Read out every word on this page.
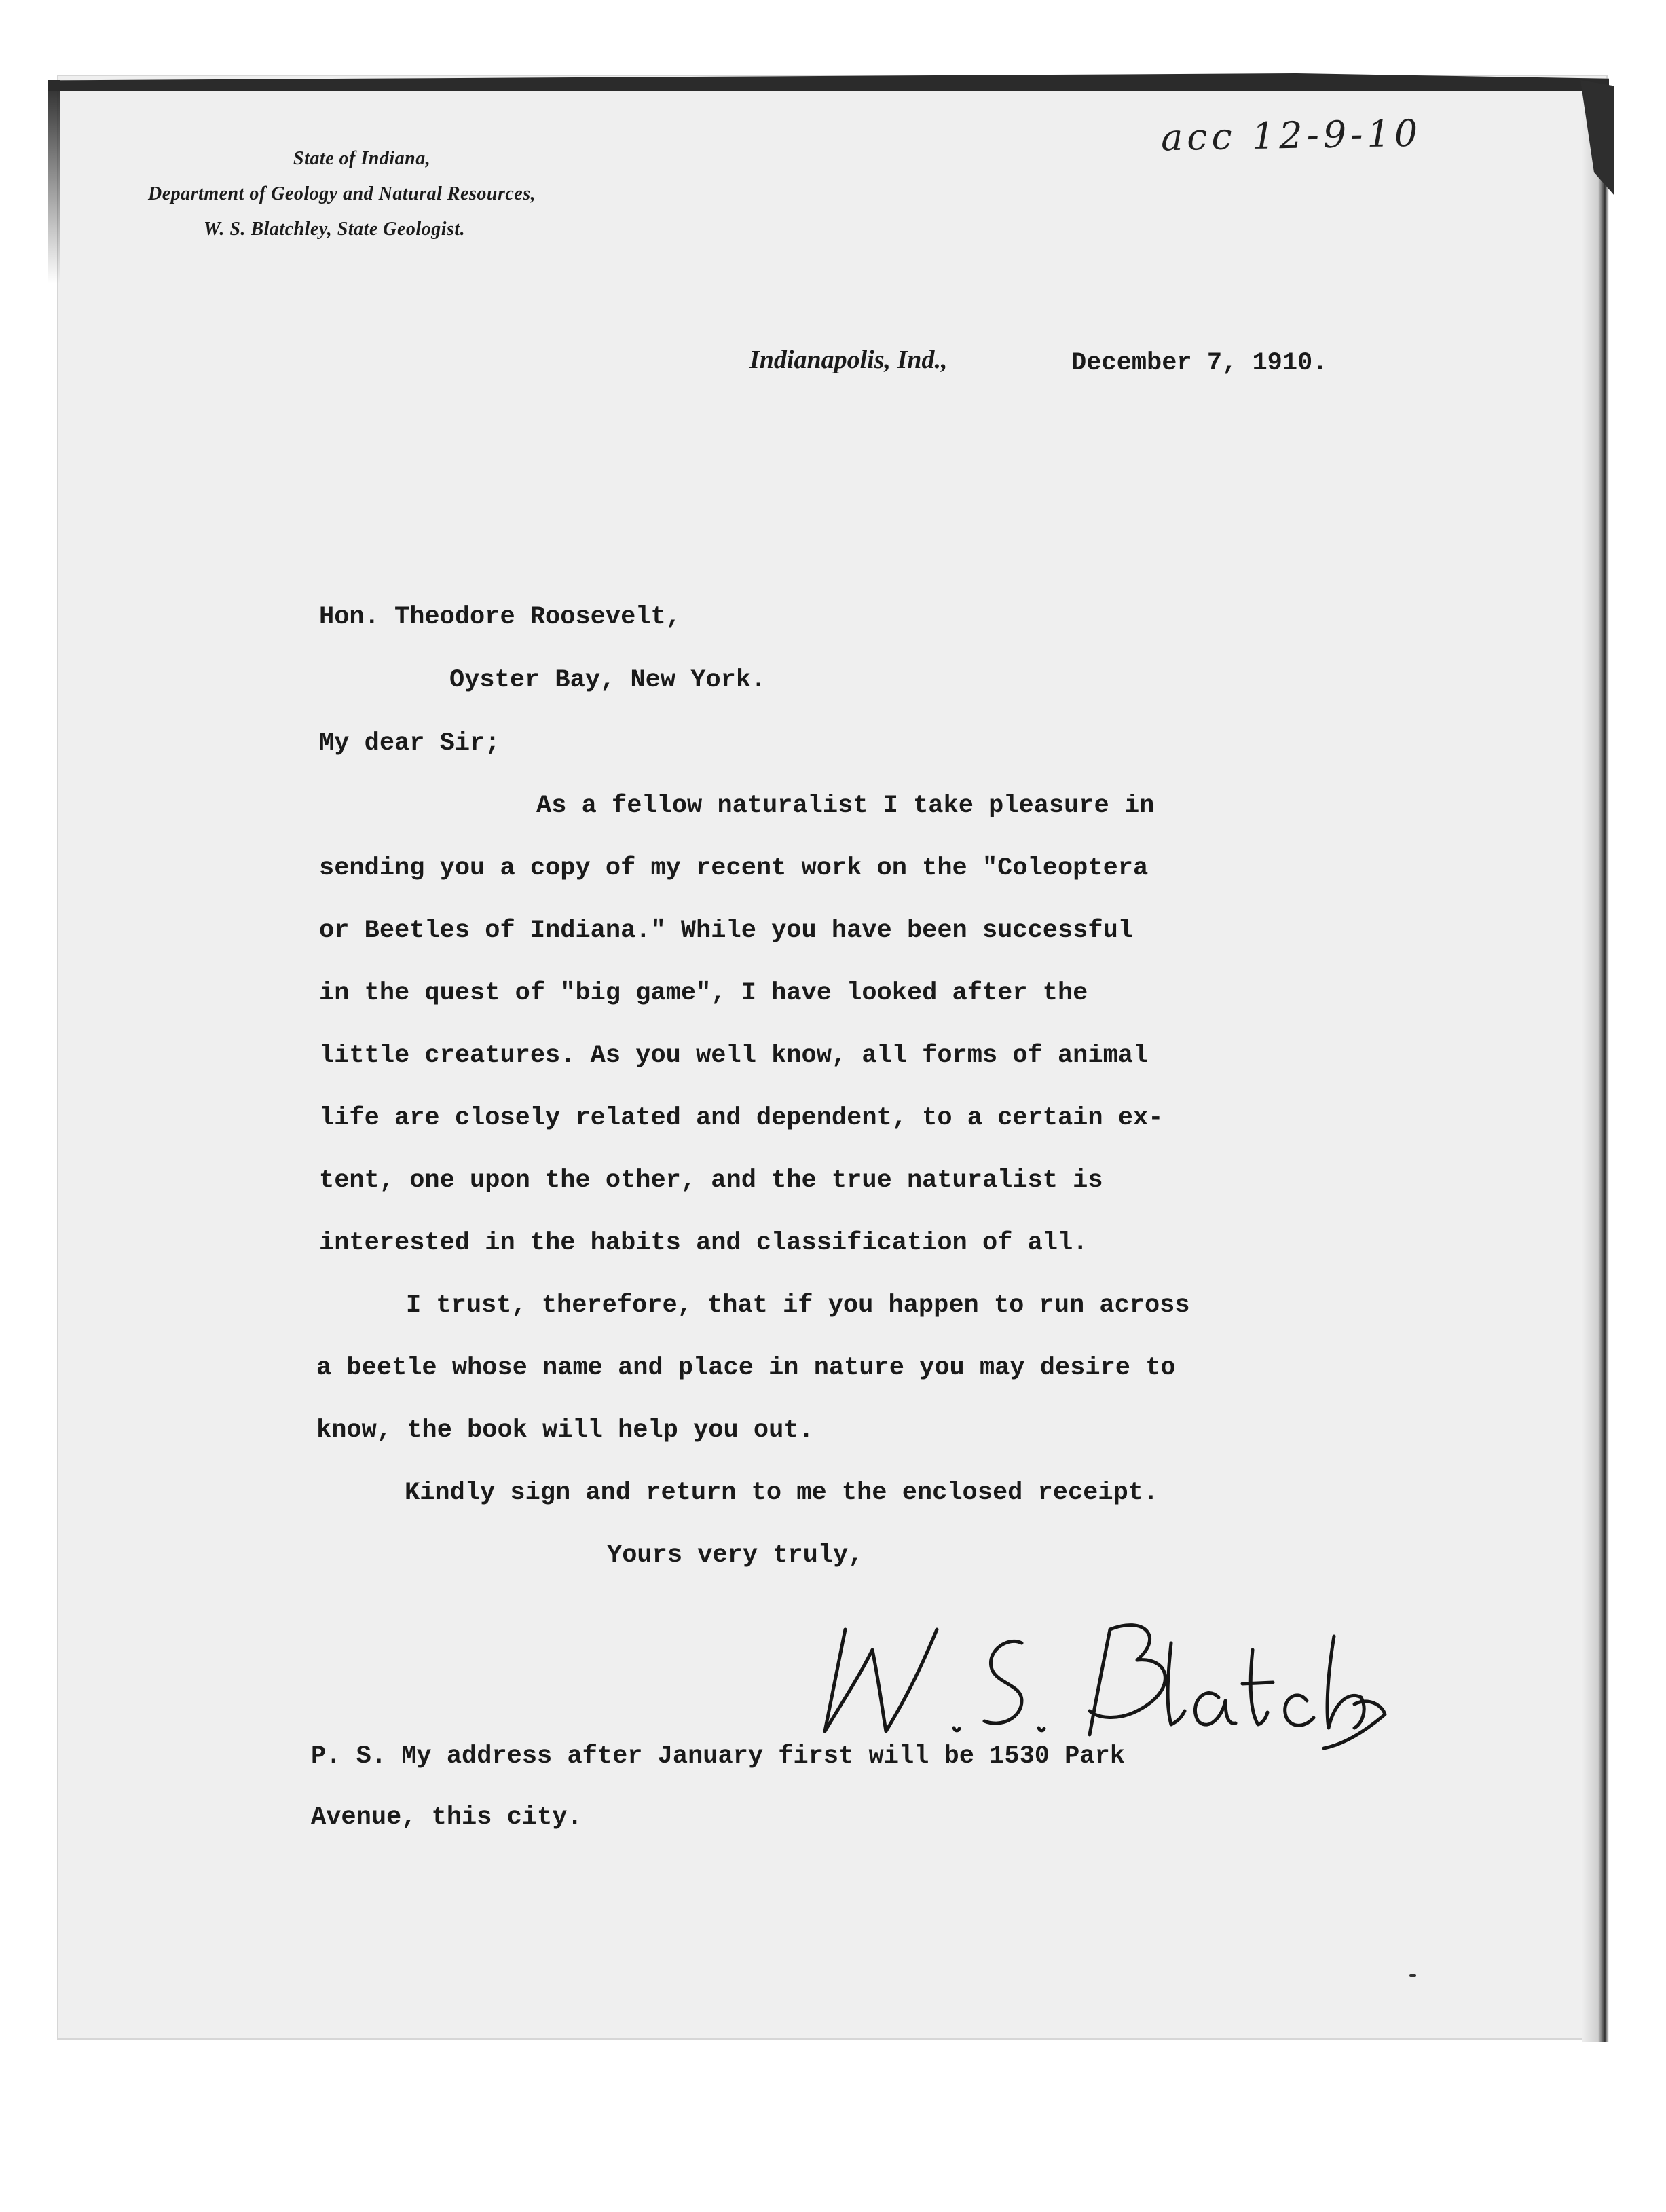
State of Indiana,
Department of Geology and Natural Resources,
W. S. Blatchley, State Geologist.
acc 12-9-10
Indianapolis, Ind.,	December 7, 1910.
Hon. Theodore Roosevelt,
Oyster Bay, New York.
My dear Sir;
As a fellow naturalist I take pleasure in
sending you a copy of my recent work on the "Coleoptera
or Beetles of Indiana." While you have been successful
in the quest of "big game", I have looked after the
little creatures. As you well know, all forms of animal
life are closely related and dependent, to a certain ex-
tent, one upon the other, and the true naturalist is
interested in the habits and classification of all.
I trust, therefore, that if you happen to run across
a beetle whose name and place in nature you may desire to
know, the book will help you out.
Kindly sign and return to me the enclosed receipt.
Yours very truly,
P. S. My address after January first will be 1530 Park
Avenue, this city.
